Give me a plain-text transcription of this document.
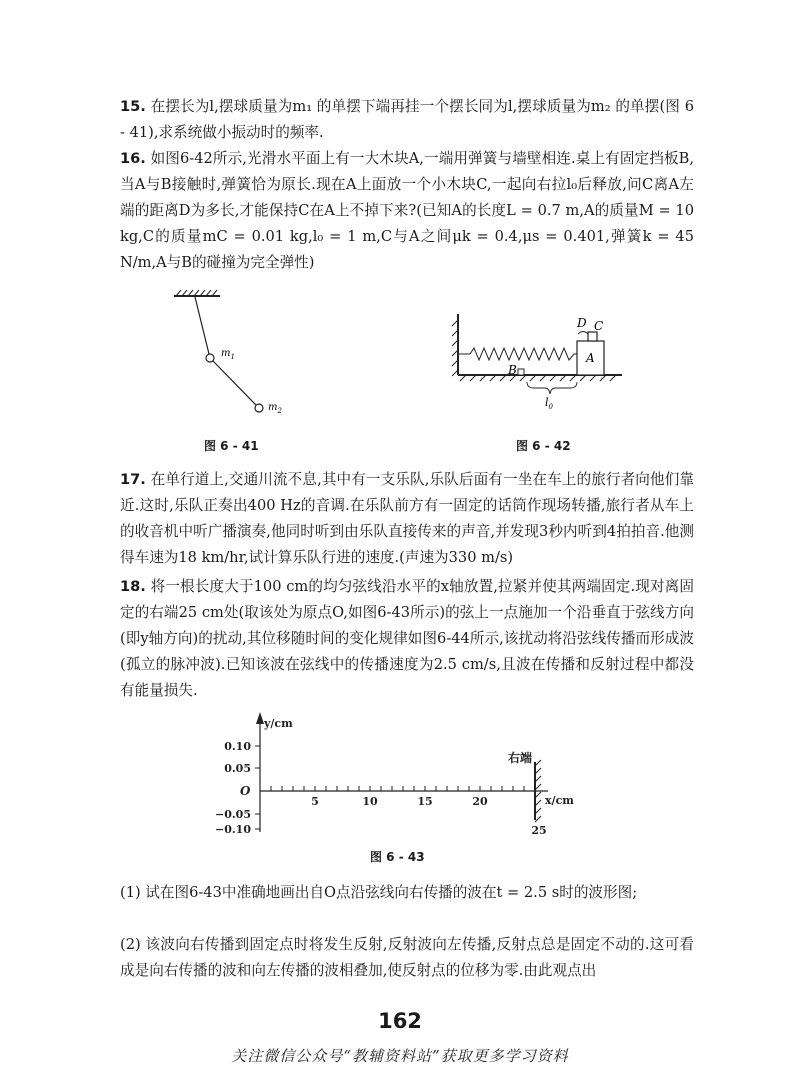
15. 在摆长为l,摆球质量为m₁ 的单摆下端再挂一个摆长同为l,摆球质量为m₂ 的单摆(图 6 - 41),求系统做小振动时的频率.
16. 如图6-42所示,光滑水平面上有一大木块A,一端用弹簧与墙壁相连.桌上有固定挡板B,当A与B接触时,弹簧恰为原长.现在A上面放一个小木块C,一起向右拉l₀后释放,问C离A左端的距离D为多长,才能保持C在A上不掉下来?(已知A的长度L = 0.7 m,A的质量M = 10 kg,C的质量mC = 0.01 kg,l₀ = 1 m,C与A之间μk = 0.4,μs = 0.401,弹簧k = 45 N/m,A与B的碰撞为完全弹性)
$m_1$
$m_2$
A
B
C
D
$l_0$
图 6 - 41	图 6 - 42
17. 在单行道上,交通川流不息,其中有一支乐队,乐队后面有一坐在车上的旅行者向他们靠近.这时,乐队正奏出400 Hz的音调.在乐队前方有一固定的话筒作现场转播,旅行者从车上的收音机中听广播演奏,他同时听到由乐队直接传来的声音,并发现3秒内听到4拍拍音.他测得车速为18 km/hr,试计算乐队行进的速度.(声速为330 m/s)
18. 将一根长度大于100 cm的均匀弦线沿水平的x轴放置,拉紧并使其两端固定.现对离固定的右端25 cm处(取该处为原点O,如图6-43所示)的弦上一点施加一个沿垂直于弦线方向(即y轴方向)的扰动,其位移随时间的变化规律如图6-44所示,该扰动将沿弦线传播而形成波(孤立的脉冲波).已知该波在弦线中的传播速度为2.5 cm/s,且波在传播和反射过程中都没有能量损失.
y/cm
x/cm
右端
O
0.10
0.05
−0.05
−0.10
5	10	15	20
25
图 6 - 43
(1) 试在图6-43中准确地画出自O点沿弦线向右传播的波在t = 2.5 s时的波形图;
(2) 该波向右传播到固定点时将发生反射,反射波向左传播,反射点总是固定不动的.这可看成是向右传播的波和向左传播的波相叠加,使反射点的位移为零.由此观点出
162
关注微信公众号“教辅资料站”获取更多学习资料
